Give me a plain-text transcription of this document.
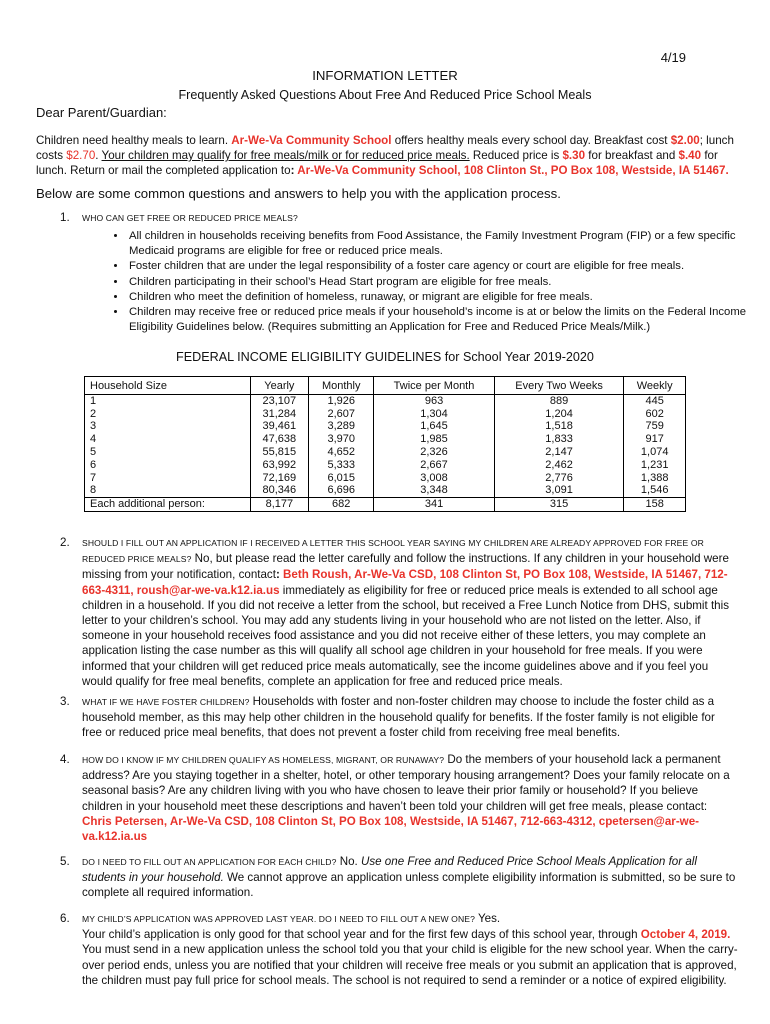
4/19
INFORMATION LETTER
Frequently Asked Questions About Free And Reduced Price School Meals
Dear Parent/Guardian:
Children need healthy meals to learn. Ar-We-Va Community School offers healthy meals every school day. Breakfast cost $2.00; lunch costs $2.70. Your children may qualify for free meals/milk or for reduced price meals. Reduced price is $.30 for breakfast and $.40 for lunch. Return or mail the completed application to: Ar-We-Va Community School, 108 Clinton St., PO Box 108, Westside, IA 51467.
Below are some common questions and answers to help you with the application process.
1. WHO CAN GET FREE OR REDUCED PRICE MEALS?
• All children in households receiving benefits from Food Assistance, the Family Investment Program (FIP) or a few specific Medicaid programs are eligible for free or reduced price meals.
• Foster children that are under the legal responsibility of a foster care agency or court are eligible for free meals.
• Children participating in their school’s Head Start program are eligible for free meals.
• Children who meet the definition of homeless, runaway, or migrant are eligible for free meals.
• Children may receive free or reduced price meals if your household’s income is at or below the limits on the Federal Income Eligibility Guidelines below. (Requires submitting an Application for Free and Reduced Price Meals/Milk.)
FEDERAL INCOME ELIGIBILITY GUIDELINES for School Year 2019-2020
Household Size	Yearly	Monthly	Twice per Month	Every Two Weeks	Weekly
1	23,107	1,926	963	889	445
2	31,284	2,607	1,304	1,204	602
3	39,461	3,289	1,645	1,518	759
4	47,638	3,970	1,985	1,833	917
5	55,815	4,652	2,326	2,147	1,074
6	63,992	5,333	2,667	2,462	1,231
7	72,169	6,015	3,008	2,776	1,388
8	80,346	6,696	3,348	3,091	1,546
Each additional person:	8,177	682	341	315	158
2. SHOULD I FILL OUT AN APPLICATION IF I RECEIVED A LETTER THIS SCHOOL YEAR SAYING MY CHILDREN ARE ALREADY APPROVED FOR FREE OR REDUCED PRICE MEALS? No, but please read the letter carefully and follow the instructions. If any children in your household were missing from your notification, contact: Beth Roush, Ar-We-Va CSD, 108 Clinton St, PO Box 108, Westside, IA 51467, 712-663-4311, roush@ar-we-va.k12.ia.us immediately as eligibility for free or reduced price meals is extended to all school age children in a household. If you did not receive a letter from the school, but received a Free Lunch Notice from DHS, submit this letter to your children’s school. You may add any students living in your household who are not listed on the letter. Also, if someone in your household receives food assistance and you did not receive either of these letters, you may complete an application listing the case number as this will qualify all school age children in your household for free meals. If you were informed that your children will get reduced price meals automatically, see the income guidelines above and if you feel you would qualify for free meal benefits, complete an application for free and reduced price meals.
3. WHAT IF WE HAVE FOSTER CHILDREN? Households with foster and non-foster children may choose to include the foster child as a household member, as this may help other children in the household qualify for benefits. If the foster family is not eligible for free or reduced price meal benefits, that does not prevent a foster child from receiving free meal benefits.
4. HOW DO I KNOW IF MY CHILDREN QUALIFY AS HOMELESS, MIGRANT, OR RUNAWAY? Do the members of your household lack a permanent address? Are you staying together in a shelter, hotel, or other temporary housing arrangement? Does your family relocate on a seasonal basis? Are any children living with you who have chosen to leave their prior family or household? If you believe children in your household meet these descriptions and haven’t been told your children will get free meals, please contact: Chris Petersen, Ar-We-Va CSD, 108 Clinton St, PO Box 108, Westside, IA 51467, 712-663-4312, cpetersen@ar-we-va.k12.ia.us
5. DO I NEED TO FILL OUT AN APPLICATION FOR EACH CHILD? No. Use one Free and Reduced Price School Meals Application for all students in your household. We cannot approve an application unless complete eligibility information is submitted, so be sure to complete all required information.
6. MY CHILD’S APPLICATION WAS APPROVED LAST YEAR. DO I NEED TO FILL OUT A NEW ONE? Yes.
Your child’s application is only good for that school year and for the first few days of this school year, through October 4, 2019. You must send in a new application unless the school told you that your child is eligible for the new school year. When the carry-over period ends, unless you are notified that your children will receive free meals or you submit an application that is approved, the children must pay full price for school meals. The school is not required to send a reminder or a notice of expired eligibility.
